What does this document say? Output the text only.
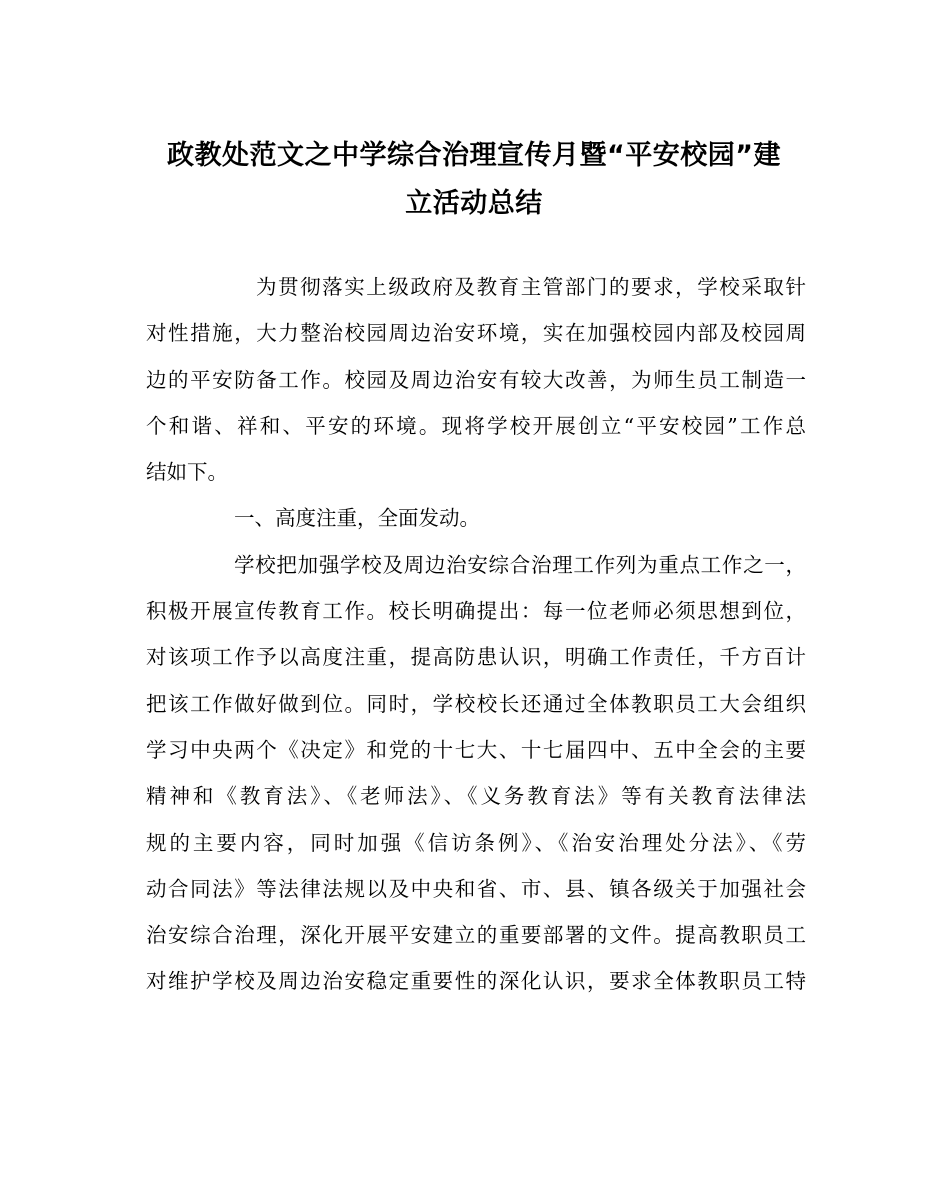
政教处范文之中学综合治理宣传月暨“平安校园”建
立活动总结

为贯彻落实上级政府及教育主管部门的要求，学校采取针
对性措施，大力整治校园周边治安环境，实在加强校园内部及校园周
边的平安防备工作。校园及周边治安有较大改善，为师生员工制造一
个和谐、祥和、平安的环境。现将学校开展创立“平安校园”工作总
结如下。

一、高度注重，全面发动。

学校把加强学校及周边治安综合治理工作列为重点工作之一，
积极开展宣传教育工作。校长明确提出：每一位老师必须思想到位，
对该项工作予以高度注重，提高防患认识，明确工作责任，千方百计
把该工作做好做到位。同时，学校校长还通过全体教职员工大会组织
学习中央两个《决定》和党的十七大、十七届四中、五中全会的主要
精神和《教育法》、《老师法》、《义务教育法》等有关教育法律法
规的主要内容，同时加强《信访条例》、《治安治理处分法》、《劳
动合同法》等法律法规以及中央和省、市、县、镇各级关于加强社会
治安综合治理，深化开展平安建立的重要部署的文件。提高教职员工
对维护学校及周边治安稳定重要性的深化认识，要求全体教职员工特
